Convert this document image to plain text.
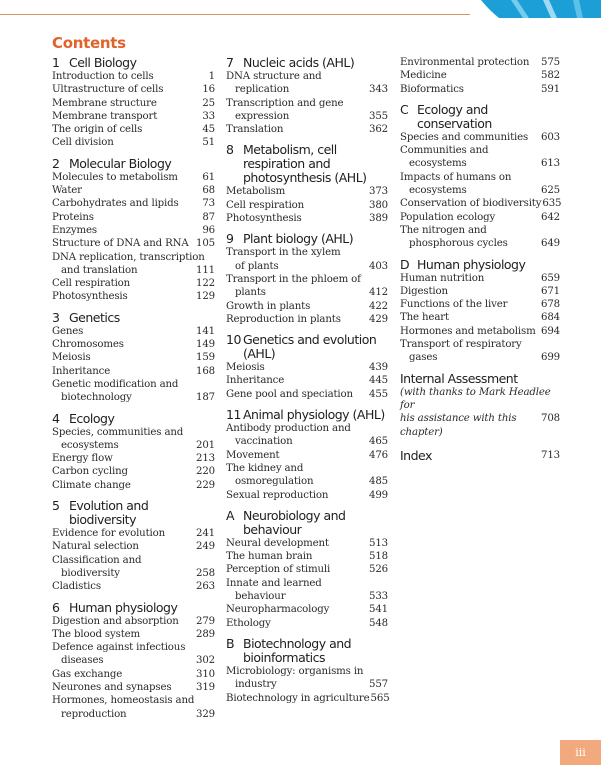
Contents
1 Cell Biology
Introduction to cells	1
Ultrastructure of cells	16
Membrane structure	25
Membrane transport	33
The origin of cells	45
Cell division	51
2 Molecular Biology
Molecules to metabolism	61
Water	68
Carbohydrates and lipids	73
Proteins	87
Enzymes	96
Structure of DNA and RNA 105
DNA replication, transcription
and translation	111
Cell respiration	122
Photosynthesis	129
3 Genetics
Genes	141
Chromosomes	149
Meiosis	159
Inheritance	168
Genetic modification and
biotechnology	187
4 Ecology
Species, communities and
ecosystems	201
Energy flow	213
Carbon cycling	220
Climate change	229
5 Evolution and biodiversity
Evidence for evolution	241
Natural selection	249
Classification and
biodiversity	258
Cladistics	263
6 Human physiology
Digestion and absorption 279
The blood system	289
Defence against infectious
diseases	302
Gas exchange	310
Neurones and synapses 319
Hormones, homeostasis and
reproduction	329
7 Nucleic acids (AHL)
DNA structure and
replication	343
Transcription and gene
expression	355
Translation	362
8 Metabolism, cell respiration and photosynthesis (AHL)
Metabolism	373
Cell respiration	380
Photosynthesis	389
9 Plant biology (AHL)
Transport in the xylem
of plants	403
Transport in the phloem of
plants	412
Growth in plants	422
Reproduction in plants	429
10 Genetics and evolution (AHL)
Meiosis	439
Inheritance	445
Gene pool and speciation 455
11 Animal physiology (AHL)
Antibody production and
vaccination	465
Movement	476
The kidney and
osmoregulation	485
Sexual reproduction	499
A Neurobiology and behaviour
Neural development	513
The human brain	518
Perception of stimuli	526
Innate and learned
behaviour	533
Neuropharmacology	541
Ethology	548
B Biotechnology and bioinformatics
Microbiology: organisms in
industry	557
Biotechnology in agriculture 565
Environmental protection 575
Medicine	582
Bioformatics	591
C Ecology and conservation
Species and communities 603
Communities and
ecosystems	613
Impacts of humans on
ecosystems	625
Conservation of biodiversity 635
Population ecology	642
The nitrogen and
phosphorous cycles	649
D Human physiology
Human nutrition	659
Digestion	671
Functions of the liver	678
The heart	684
Hormones and metabolism 694
Transport of respiratory
gases	699
Internal Assessment
(with thanks to Mark Headlee for
his assistance with this chapter)
708
Index	713
iii
